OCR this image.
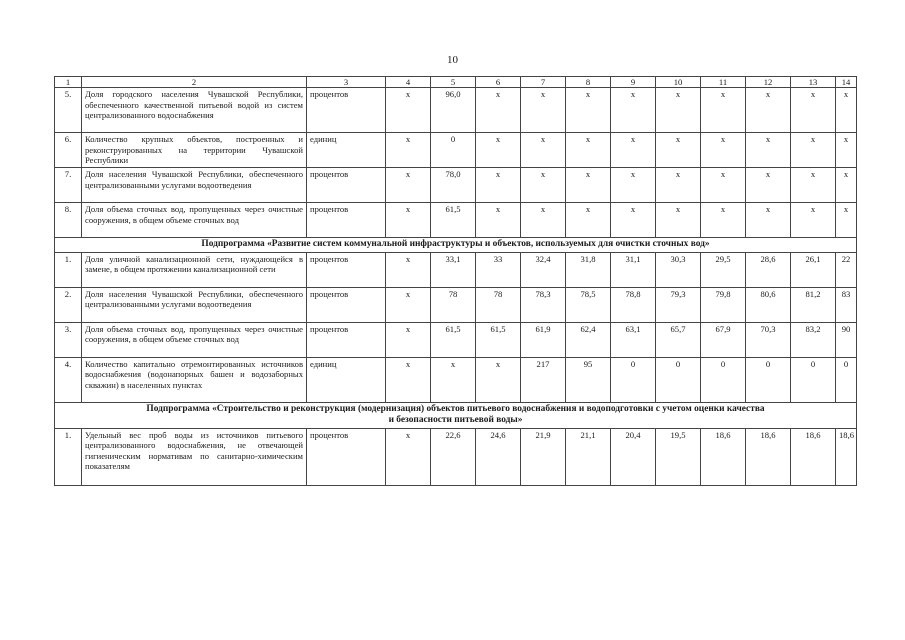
10
1	2	3	4	5	6	7	8	9	10	11	12	13	14
5.	Доля городского населения Чувашской Республики, обеспеченного качественной питьевой водой из систем централизованного водоснабжения	процентов	x	96,0	x	x	x	x	x	x	x	x	x
6.	Количество крупных объектов, построенных и реконструированных на территории Чувашской Республики	единиц	x	0	x	x	x	x	x	x	x	x	x
7.	Доля населения Чувашской Республики, обеспеченного централизованными услугами водоотведения	процентов	x	78,0	x	x	x	x	x	x	x	x	x
8.	Доля объема сточных вод, пропущенных через очистные сооружения, в общем объеме сточных вод	процентов	x	61,5	x	x	x	x	x	x	x	x	x
Подпрограмма «Развитие систем коммунальной инфраструктуры и объектов, используемых для очистки сточных вод»													
1.	Доля уличной канализационной сети, нуждающейся в замене, в общем протяжении канализационной сети	процентов	x	33,1	33	32,4	31,8	31,1	30,3	29,5	28,6	26,1	22
2.	Доля населения Чувашской Республики, обеспеченного централизованными услугами водоотведения	процентов	x	78	78	78,3	78,5	78,8	79,3	79,8	80,6	81,2	83
3.	Доля объема сточных вод, пропущенных через очистные сооружения, в общем объеме сточных вод	процентов	x	61,5	61,5	61,9	62,4	63,1	65,7	67,9	70,3	83,2	90
4.	Количество капитально отремонтированных источников водоснабжения (водонапорных башен и водозаборных скважин) в населенных пунктах	единиц	x	x	x	217	95	0	0	0	0	0	0

Подпрограмма «Строительство и реконструкция (модернизация) объектов питьевого водоснабжения и водоподготовки с учетом оценки качества
и безопасности питьевой воды»													

1.	Удельный вес проб воды из источников питьевого централизованного водоснабжения, не отвечающей гигиеническим нормативам по санитарно-химическим показателям	процентов	x	22,6	24,6	21,9	21,1	20,4	19,5	18,6	18,6	18,6	18,6
